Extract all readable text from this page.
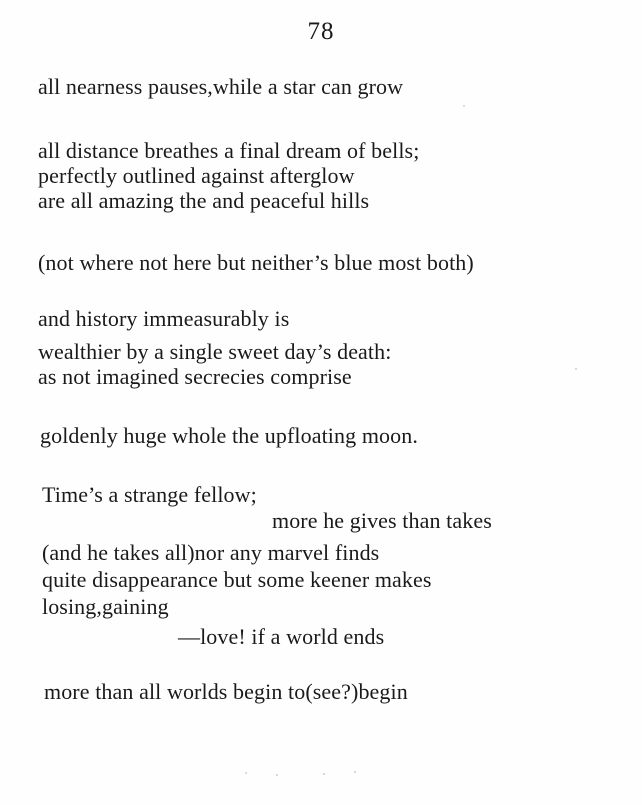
78
all nearness pauses,while a star can grow
all distance breathes a final dream of bells;
perfectly outlined against afterglow
are all amazing the and peaceful hills
(not where not here but neither’s blue most both)
and history immeasurably is
wealthier by a single sweet day’s death:
as not imagined secrecies comprise
goldenly huge whole the upfloating moon.
Time’s a strange fellow;
more he gives than takes
(and he takes all)nor any marvel finds
quite disappearance but some keener makes
losing,gaining
—love! if a world ends
more than all worlds begin to(see?)begin
